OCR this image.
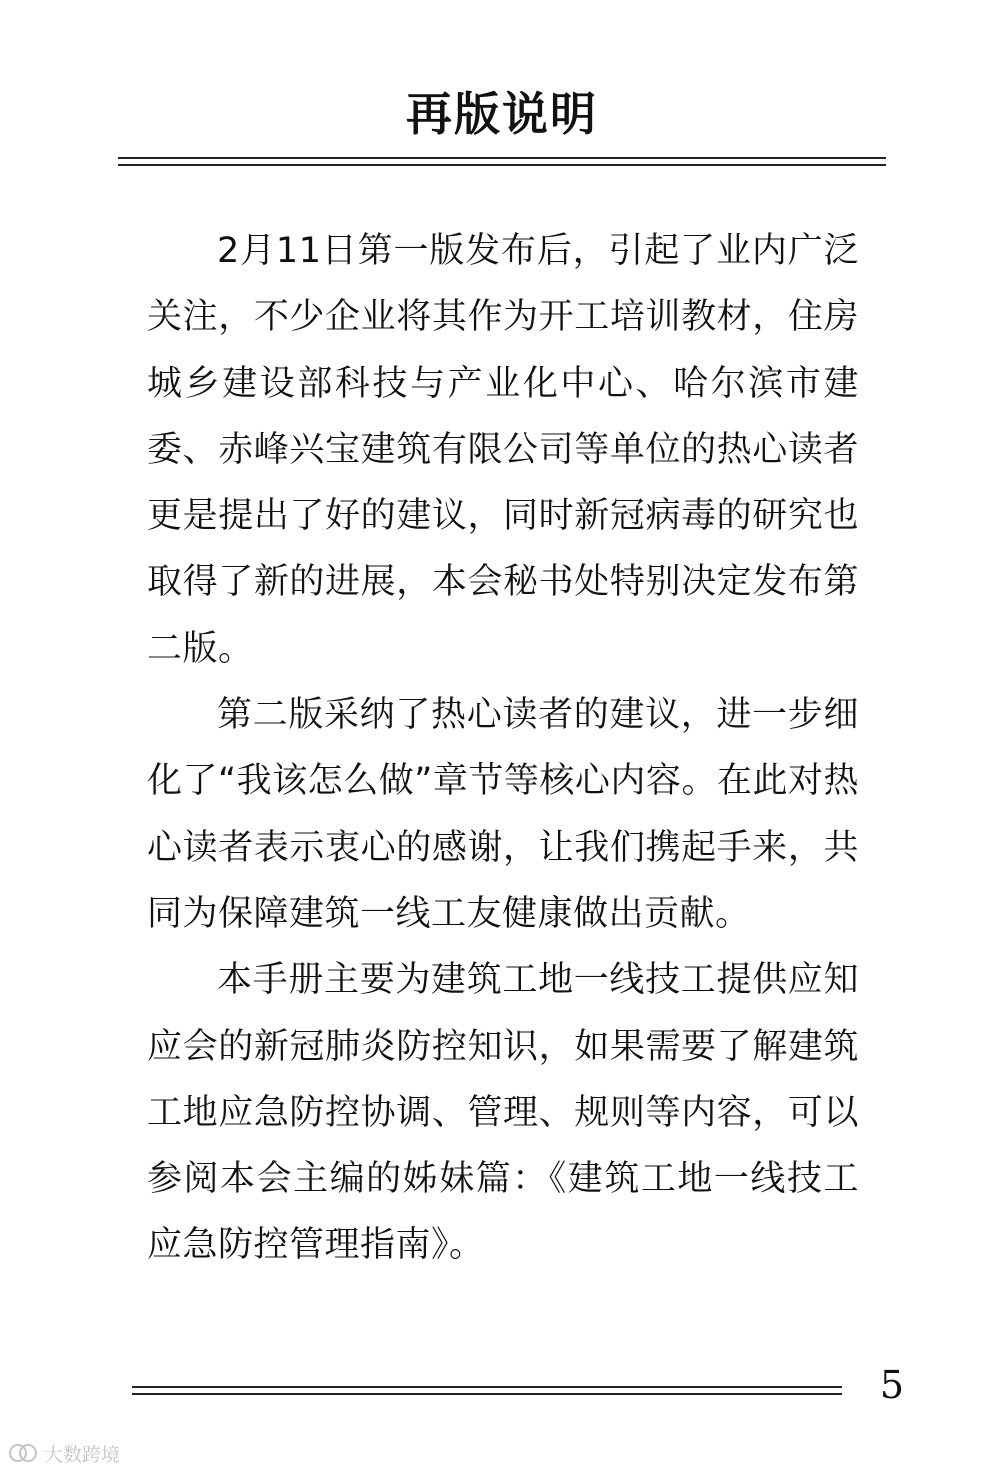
再版说明

2月11日第一版发布后，引起了业内广泛关注，不少企业将其作为开工培训教材，住房城乡建设部科技与产业化中心、哈尔滨市建委、赤峰兴宝建筑有限公司等单位的热心读者更是提出了好的建议，同时新冠病毒的研究也取得了新的进展，本会秘书处特别决定发布第二版。

第二版采纳了热心读者的建议，进一步细化了“我该怎么做”章节等核心内容。在此对热心读者表示衷心的感谢，让我们携起手来，共同为保障建筑一线工友健康做出贡献。

本手册主要为建筑工地一线技工提供应知应会的新冠肺炎防控知识，如果需要了解建筑工地应急防控协调、管理、规则等内容，可以参阅本会主编的姊妹篇：《建筑工地一线技工应急防控管理指南》。

5
大数跨境
